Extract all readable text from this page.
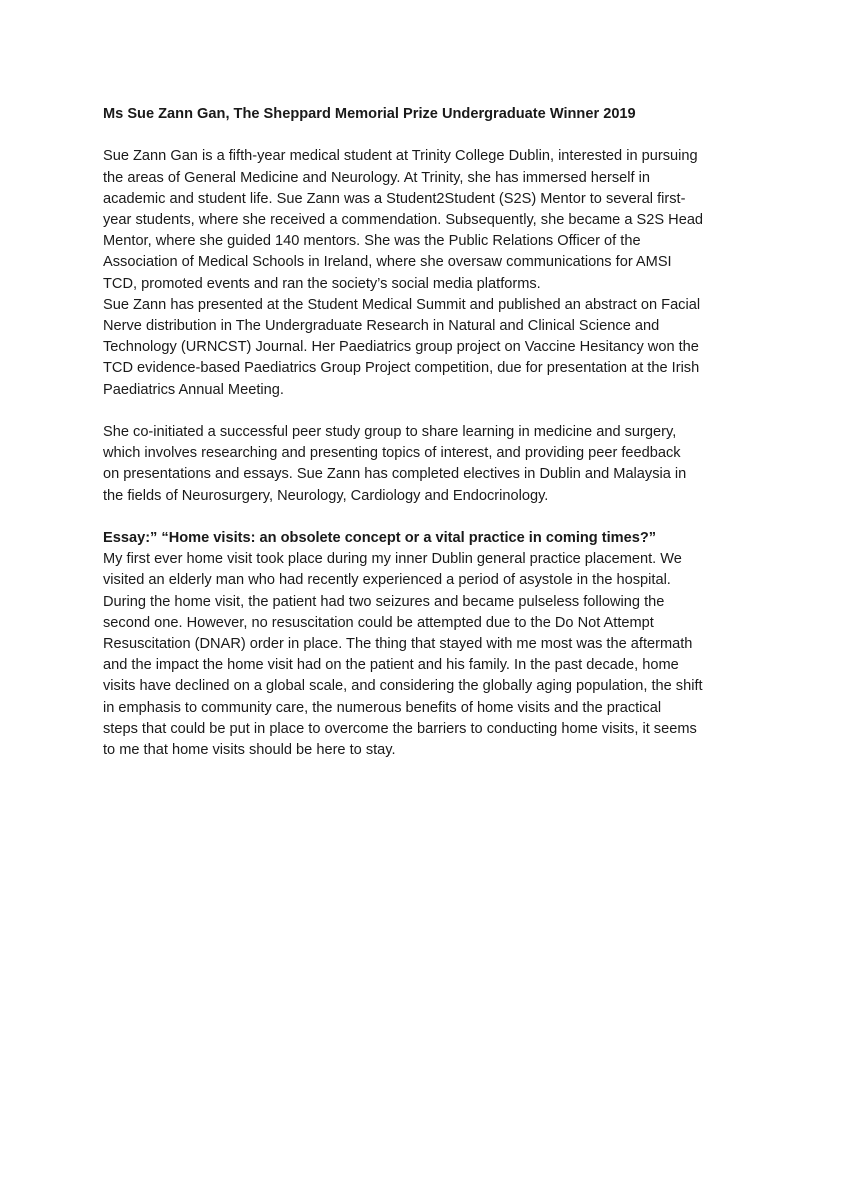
Ms Sue Zann Gan, The Sheppard Memorial Prize Undergraduate Winner 2019

Sue Zann Gan is a fifth-year medical student at Trinity College Dublin, interested in pursuing
the areas of General Medicine and Neurology. At Trinity, she has immersed herself in
academic and student life. Sue Zann was a Student2Student (S2S) Mentor to several first-
year students, where she received a commendation. Subsequently, she became a S2S Head
Mentor, where she guided 140 mentors. She was the Public Relations Officer of the
Association of Medical Schools in Ireland, where she oversaw communications for AMSI
TCD, promoted events and ran the society’s social media platforms.

Sue Zann has presented at the Student Medical Summit and published an abstract on Facial
Nerve distribution in The Undergraduate Research in Natural and Clinical Science and
Technology (URNCST) Journal. Her Paediatrics group project on Vaccine Hesitancy won the
TCD evidence-based Paediatrics Group Project competition, due for presentation at the Irish
Paediatrics Annual Meeting.

She co-initiated a successful peer study group to share learning in medicine and surgery,
which involves researching and presenting topics of interest, and providing peer feedback
on presentations and essays. Sue Zann has completed electives in Dublin and Malaysia in
the fields of Neurosurgery, Neurology, Cardiology and Endocrinology.

Essay:” “Home visits: an obsolete concept or a vital practice in coming times?”

My first ever home visit took place during my inner Dublin general practice placement. We
visited an elderly man who had recently experienced a period of asystole in the hospital.
During the home visit, the patient had two seizures and became pulseless following the
second one. However, no resuscitation could be attempted due to the Do Not Attempt
Resuscitation (DNAR) order in place. The thing that stayed with me most was the aftermath
and the impact the home visit had on the patient and his family. In the past decade, home
visits have declined on a global scale, and considering the globally aging population, the shift
in emphasis to community care, the numerous benefits of home visits and the practical
steps that could be put in place to overcome the barriers to conducting home visits, it seems
to me that home visits should be here to stay.
